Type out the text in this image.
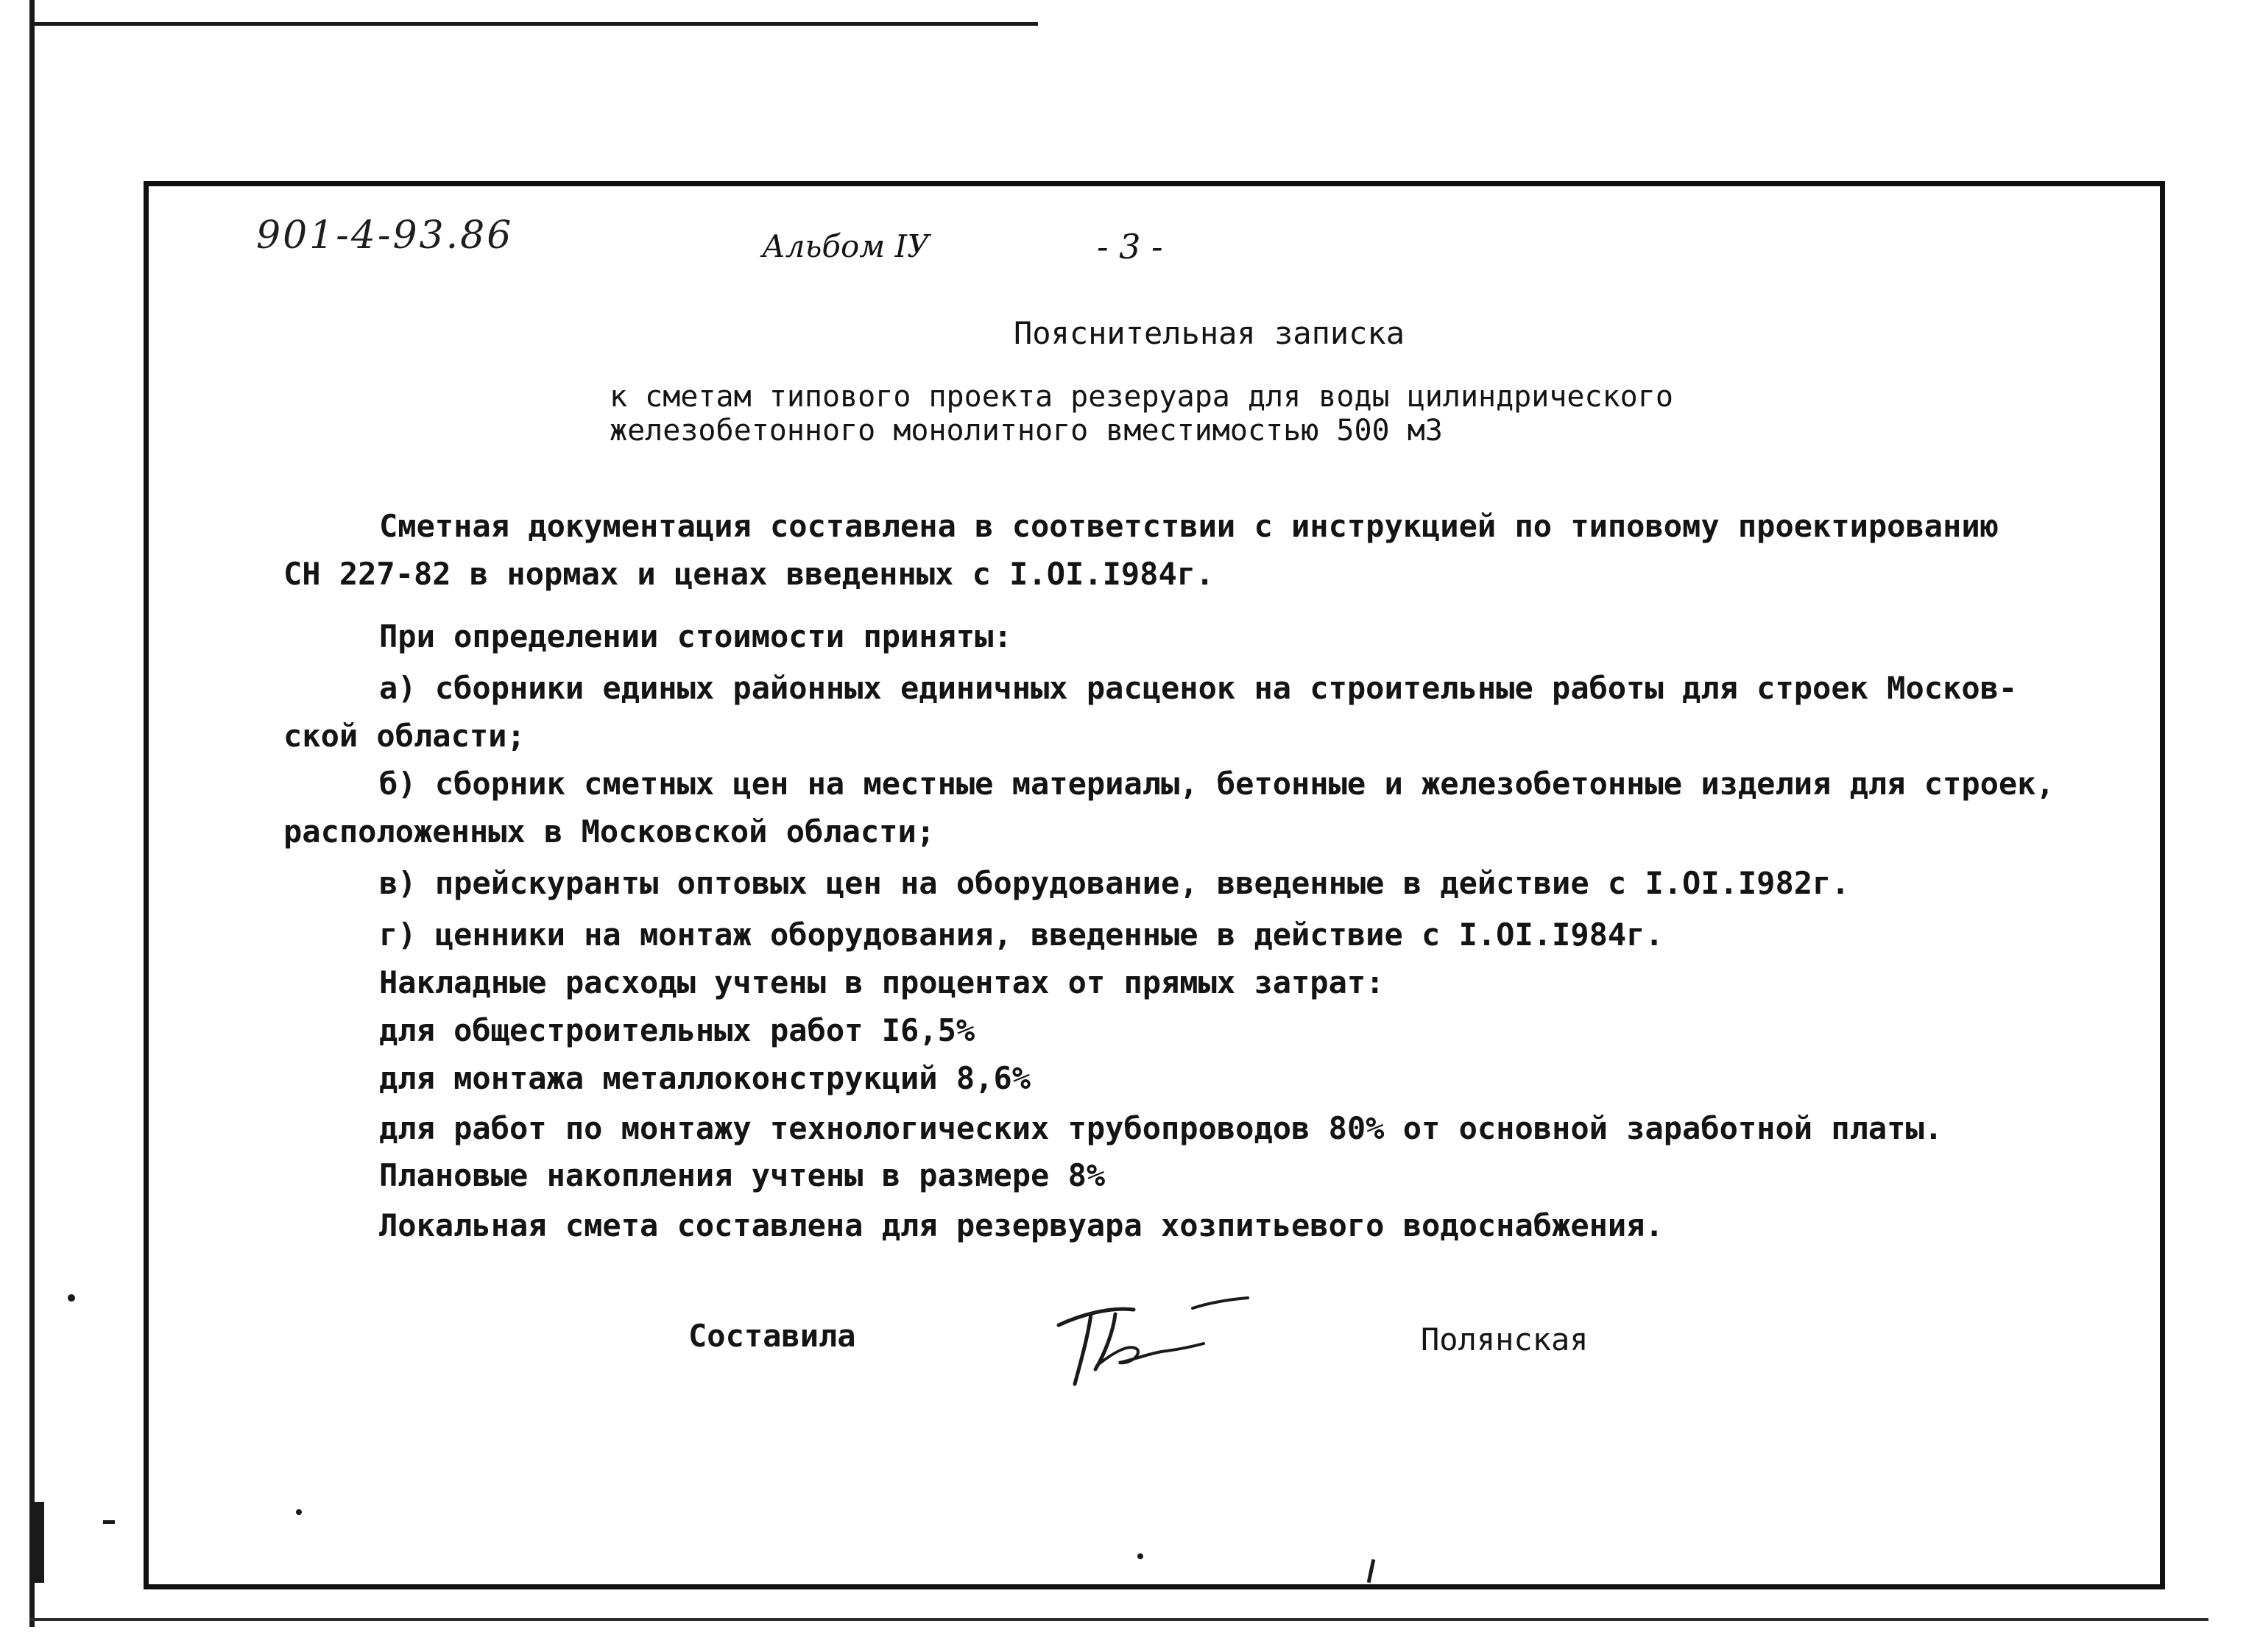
901-4-93.86	Альбом IУ	- 3 -
Пояснительная записка
к сметам типового проекта резеруара для воды цилиндрического
железобетонного монолитного вместимостью 500 м3
Сметная документация составлена в соответствии с инструкцией по типовому проектированию
СН 227-82 в нормах и ценах введенных с I.OI.I984г.
При определении стоимости приняты:
а) сборники единых районных единичных расценок на строительные работы для строек Москов-
ской области;
б) сборник сметных цен на местные материалы, бетонные и железобетонные изделия для строек,
расположенных в Московской области;
в) прейскуранты оптовых цен на оборудование, введенные в действие с I.OI.I982г.
г) ценники на монтаж оборудования, введенные в действие с I.OI.I984г.
Накладные расходы учтены в процентах от прямых затрат:
для общестроительных работ I6,5%
для монтажа металлоконструкций 8,6%
для работ по монтажу технологических трубопроводов 80% от основной заработной платы.
Плановые накопления учтены в размере 8%
Локальная смета составлена для резервуара хозпитьевого водоснабжения.
Составила	Полянская
